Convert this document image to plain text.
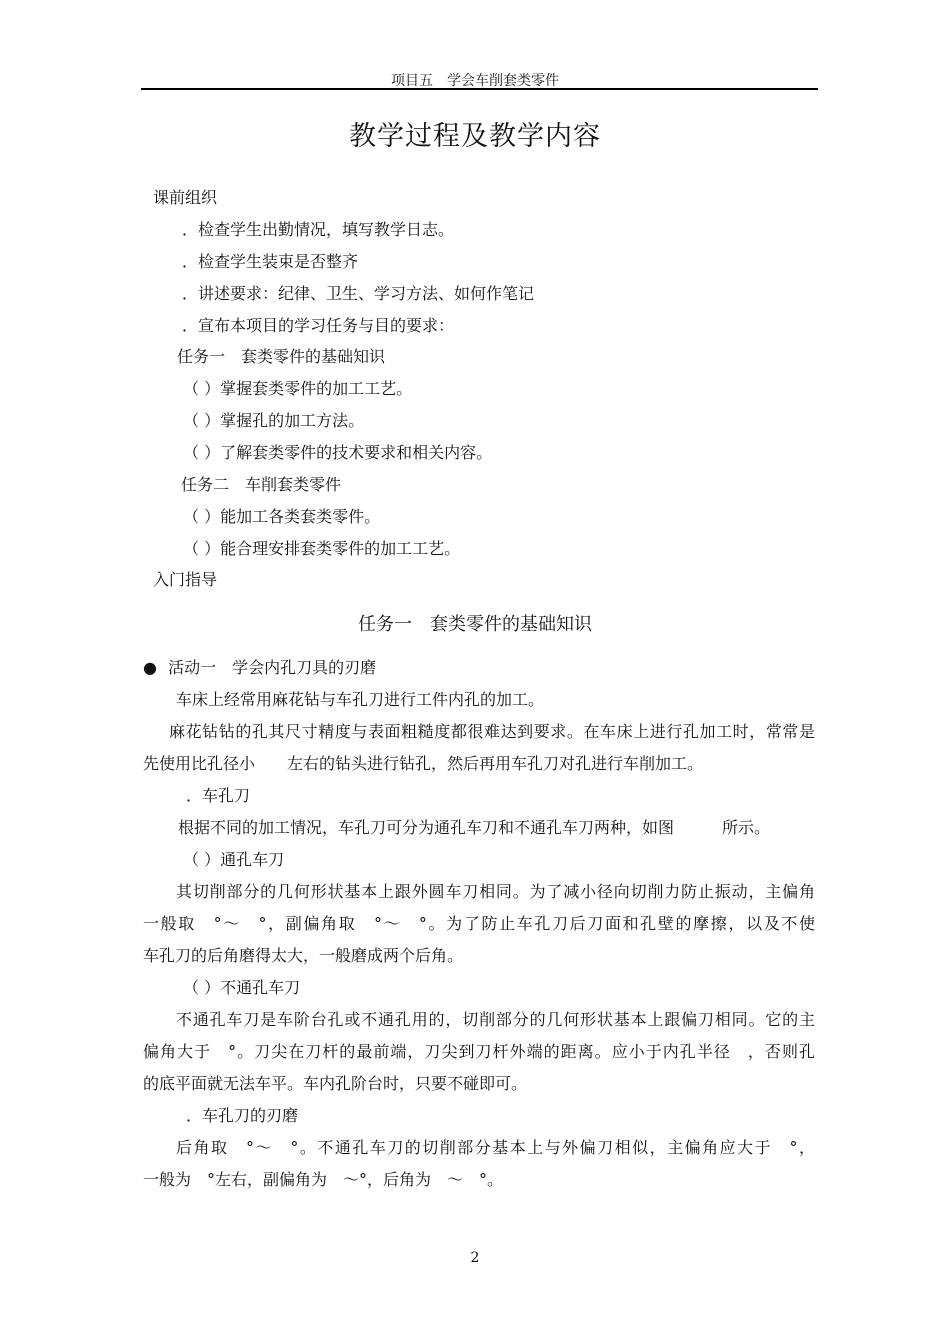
项目五　学会车削套类零件
教学过程及教学内容
课前组织
．检查学生出勤情况，填写教学日志。
．检查学生装束是否整齐
．讲述要求：纪律、卫生、学习方法、如何作笔记
．宣布本项目的学习任务与目的要求：
任务一　套类零件的基础知识
（ ）掌握套类零件的加工工艺。
（ ）掌握孔的加工方法。
（ ）了解套类零件的技术要求和相关内容。
任务二　车削套类零件
（ ）能加工各类套类零件。
（ ）能合理安排套类零件的加工工艺。
入门指导
任务一　套类零件的基础知识
● 活动一　学会内孔刀具的刃磨
车床上经常用麻花钻与车孔刀进行工件内孔的加工。
麻花钻钻的孔其尺寸精度与表面粗糙度都很难达到要求。在车床上进行孔加工时，常常是
先使用比孔径小　　左右的钻头进行钻孔，然后再用车孔刀对孔进行车削加工。
．车孔刀
根据不同的加工情况，车孔刀可分为通孔车刀和不通孔车刀两种，如图　　　所示。
（ ）通孔车刀
其切削部分的几何形状基本上跟外圆车刀相同。为了减小径向切削力防止振动，主偏角
一般取　°～　°，副偏角取　°～　°。为了防止车孔刀后刀面和孔壁的摩擦，以及不使
车孔刀的后角磨得太大，一般磨成两个后角。
（ ）不通孔车刀
不通孔车刀是车阶台孔或不通孔用的，切削部分的几何形状基本上跟偏刀相同。它的主
偏角大于　°。刀尖在刀杆的最前端，刀尖到刀杆外端的距离。应小于内孔半径　，否则孔
的底平面就无法车平。车内孔阶台时，只要不碰即可。
．车孔刀的刃磨
后角取　°～　°。不通孔车刀的切削部分基本上与外偏刀相似，主偏角应大于　°，
一般为　°左右，副偏角为　～°，后角为　～　°。
2
